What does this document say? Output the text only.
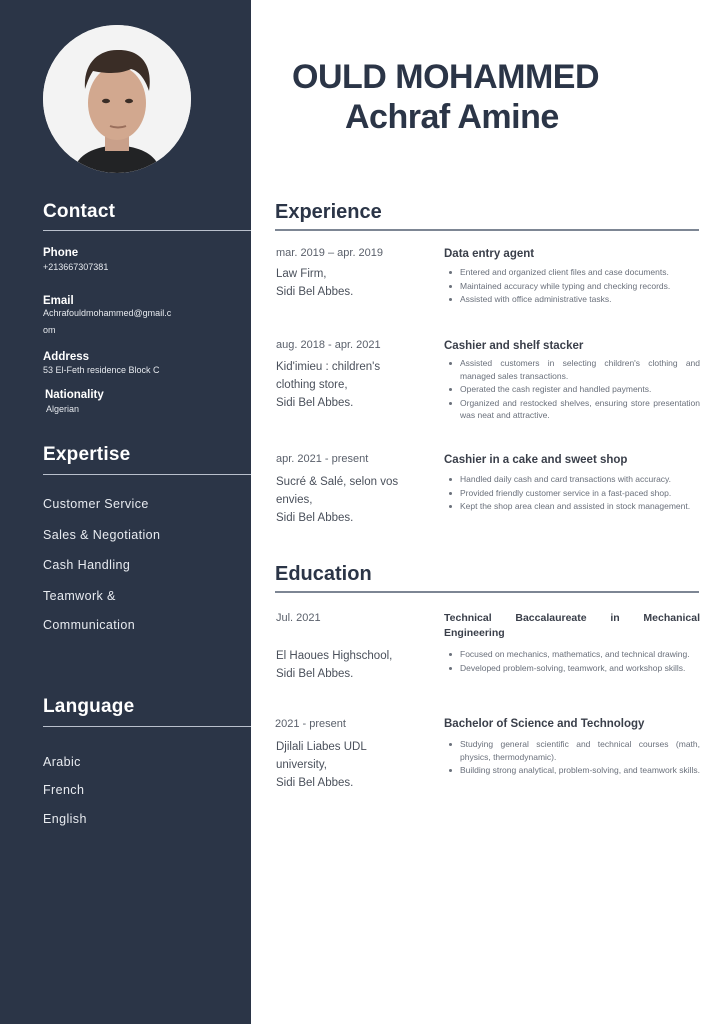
Contact
Phone
+213667307381
Email
Achrafouldmohammed@gmail.com
Address
53 El-Feth residence Block C
Nationality
Algerian
Expertise
Customer Service
Sales & Negotiation
Cash Handling
Teamwork &
Communication
Language
Arabic
French
English
OULD MOHAMMED
Achraf Amine
Experience
mar. 2019 – apr. 2019
Law Firm,
Sidi Bel Abbes.
Data entry agent
Entered and organized client files and case documents.
Maintained accuracy while typing and checking records.
Assisted with office administrative tasks.
aug. 2018 - apr. 2021
Kid'imieu : children's clothing store,
Sidi Bel Abbes.
Cashier and shelf stacker
Assisted customers in selecting children's clothing and managed sales transactions.
Operated the cash register and handled payments.
Organized and restocked shelves, ensuring store presentation was neat and attractive.
apr. 2021 - present
Sucré & Salé, selon vos envies,
Sidi Bel Abbes.
Cashier in a cake and sweet shop
Handled daily cash and card transactions with accuracy.
Provided friendly customer service in a fast-paced shop.
Kept the shop area clean and assisted in stock management.
Education
Jul. 2021
El Haoues Highschool,
Sidi Bel Abbes.
Technical Baccalaureate in Mechanical Engineering
Focused on mechanics, mathematics, and technical drawing.
Developed problem-solving, teamwork, and workshop skills.
2021 - present
Djilali Liabes UDL university,
Sidi Bel Abbes.
Bachelor of Science and Technology
Studying general scientific and technical courses (math, physics, thermodynamic).
Building strong analytical, problem-solving, and teamwork skills.
